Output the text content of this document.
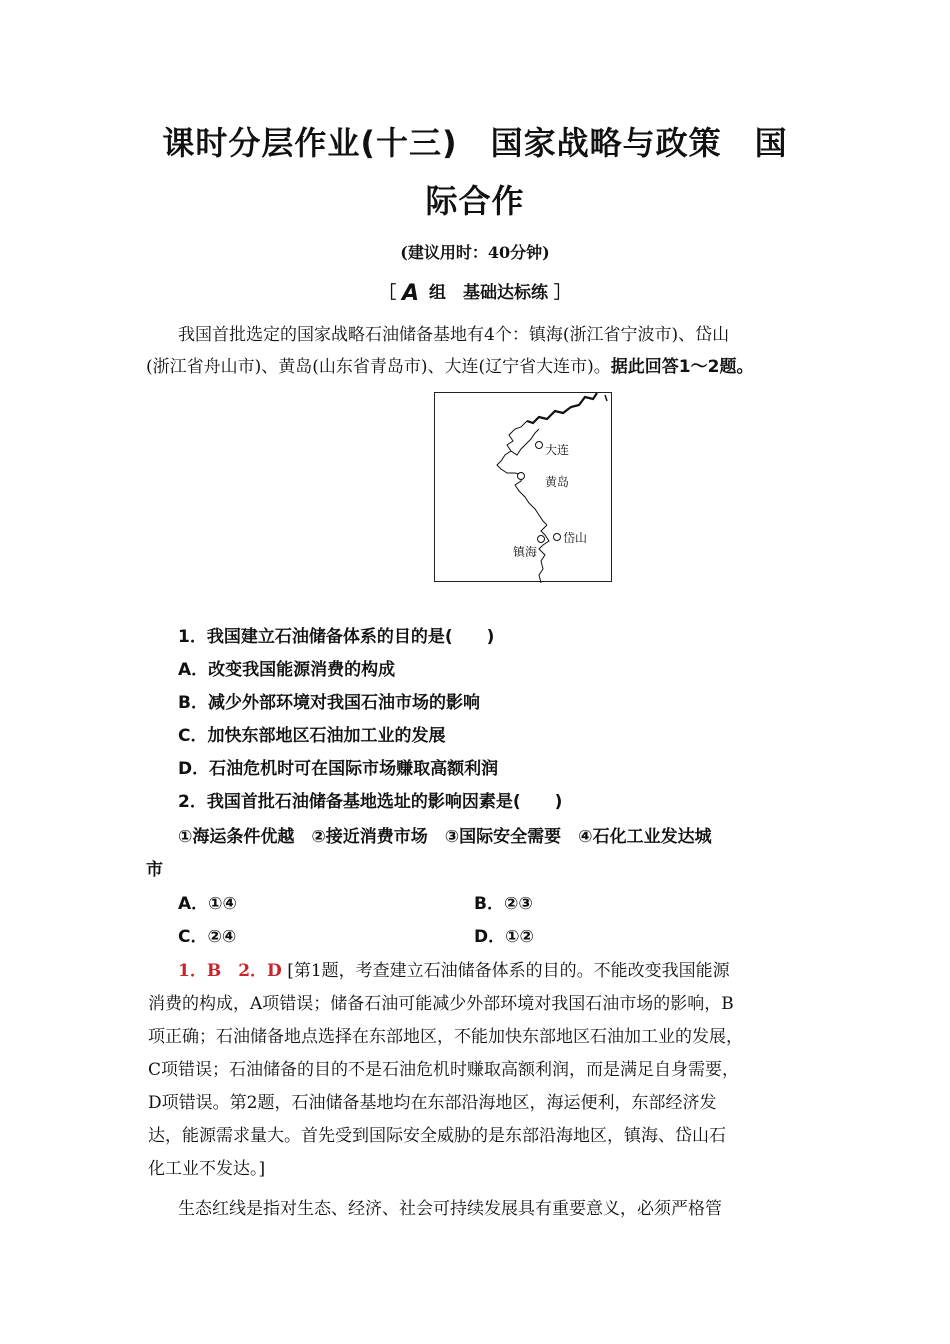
课时分层作业(十三)　国家战略与政策　国
际合作
(建议用时：40分钟)
［ A 组　基础达标练 ］
我国首批选定的国家战略石油储备基地有4个：镇海(浙江省宁波市)、岱山
(浙江省舟山市)、黄岛(山东省青岛市)、大连(辽宁省大连市)。据此回答1～2题。
大连
黄岛
岱山
镇海
1．我国建立石油储备体系的目的是(　　)
A．改变我国能源消费的构成
B．减少外部环境对我国石油市场的影响
C．加快东部地区石油加工业的发展
D．石油危机时可在国际市场赚取高额利润
2．我国首批石油储备基地选址的影响因素是(　　)
①海运条件优越　②接近消费市场　③国际安全需要　④石化工业发达城
市
A．①④	B．②③
C．②④	D．①②
1．B　2．D [第1题，考查建立石油储备体系的目的。不能改变我国能源
消费的构成，A项错误；储备石油可能减少外部环境对我国石油市场的影响，B
项正确；石油储备地点选择在东部地区，不能加快东部地区石油加工业的发展，
C项错误；石油储备的目的不是石油危机时赚取高额利润，而是满足自身需要，
D项错误。第2题，石油储备基地均在东部沿海地区，海运便利，东部经济发
达，能源需求量大。首先受到国际安全威胁的是东部沿海地区，镇海、岱山石
化工业不发达。]
生态红线是指对生态、经济、社会可持续发展具有重要意义，必须严格管
